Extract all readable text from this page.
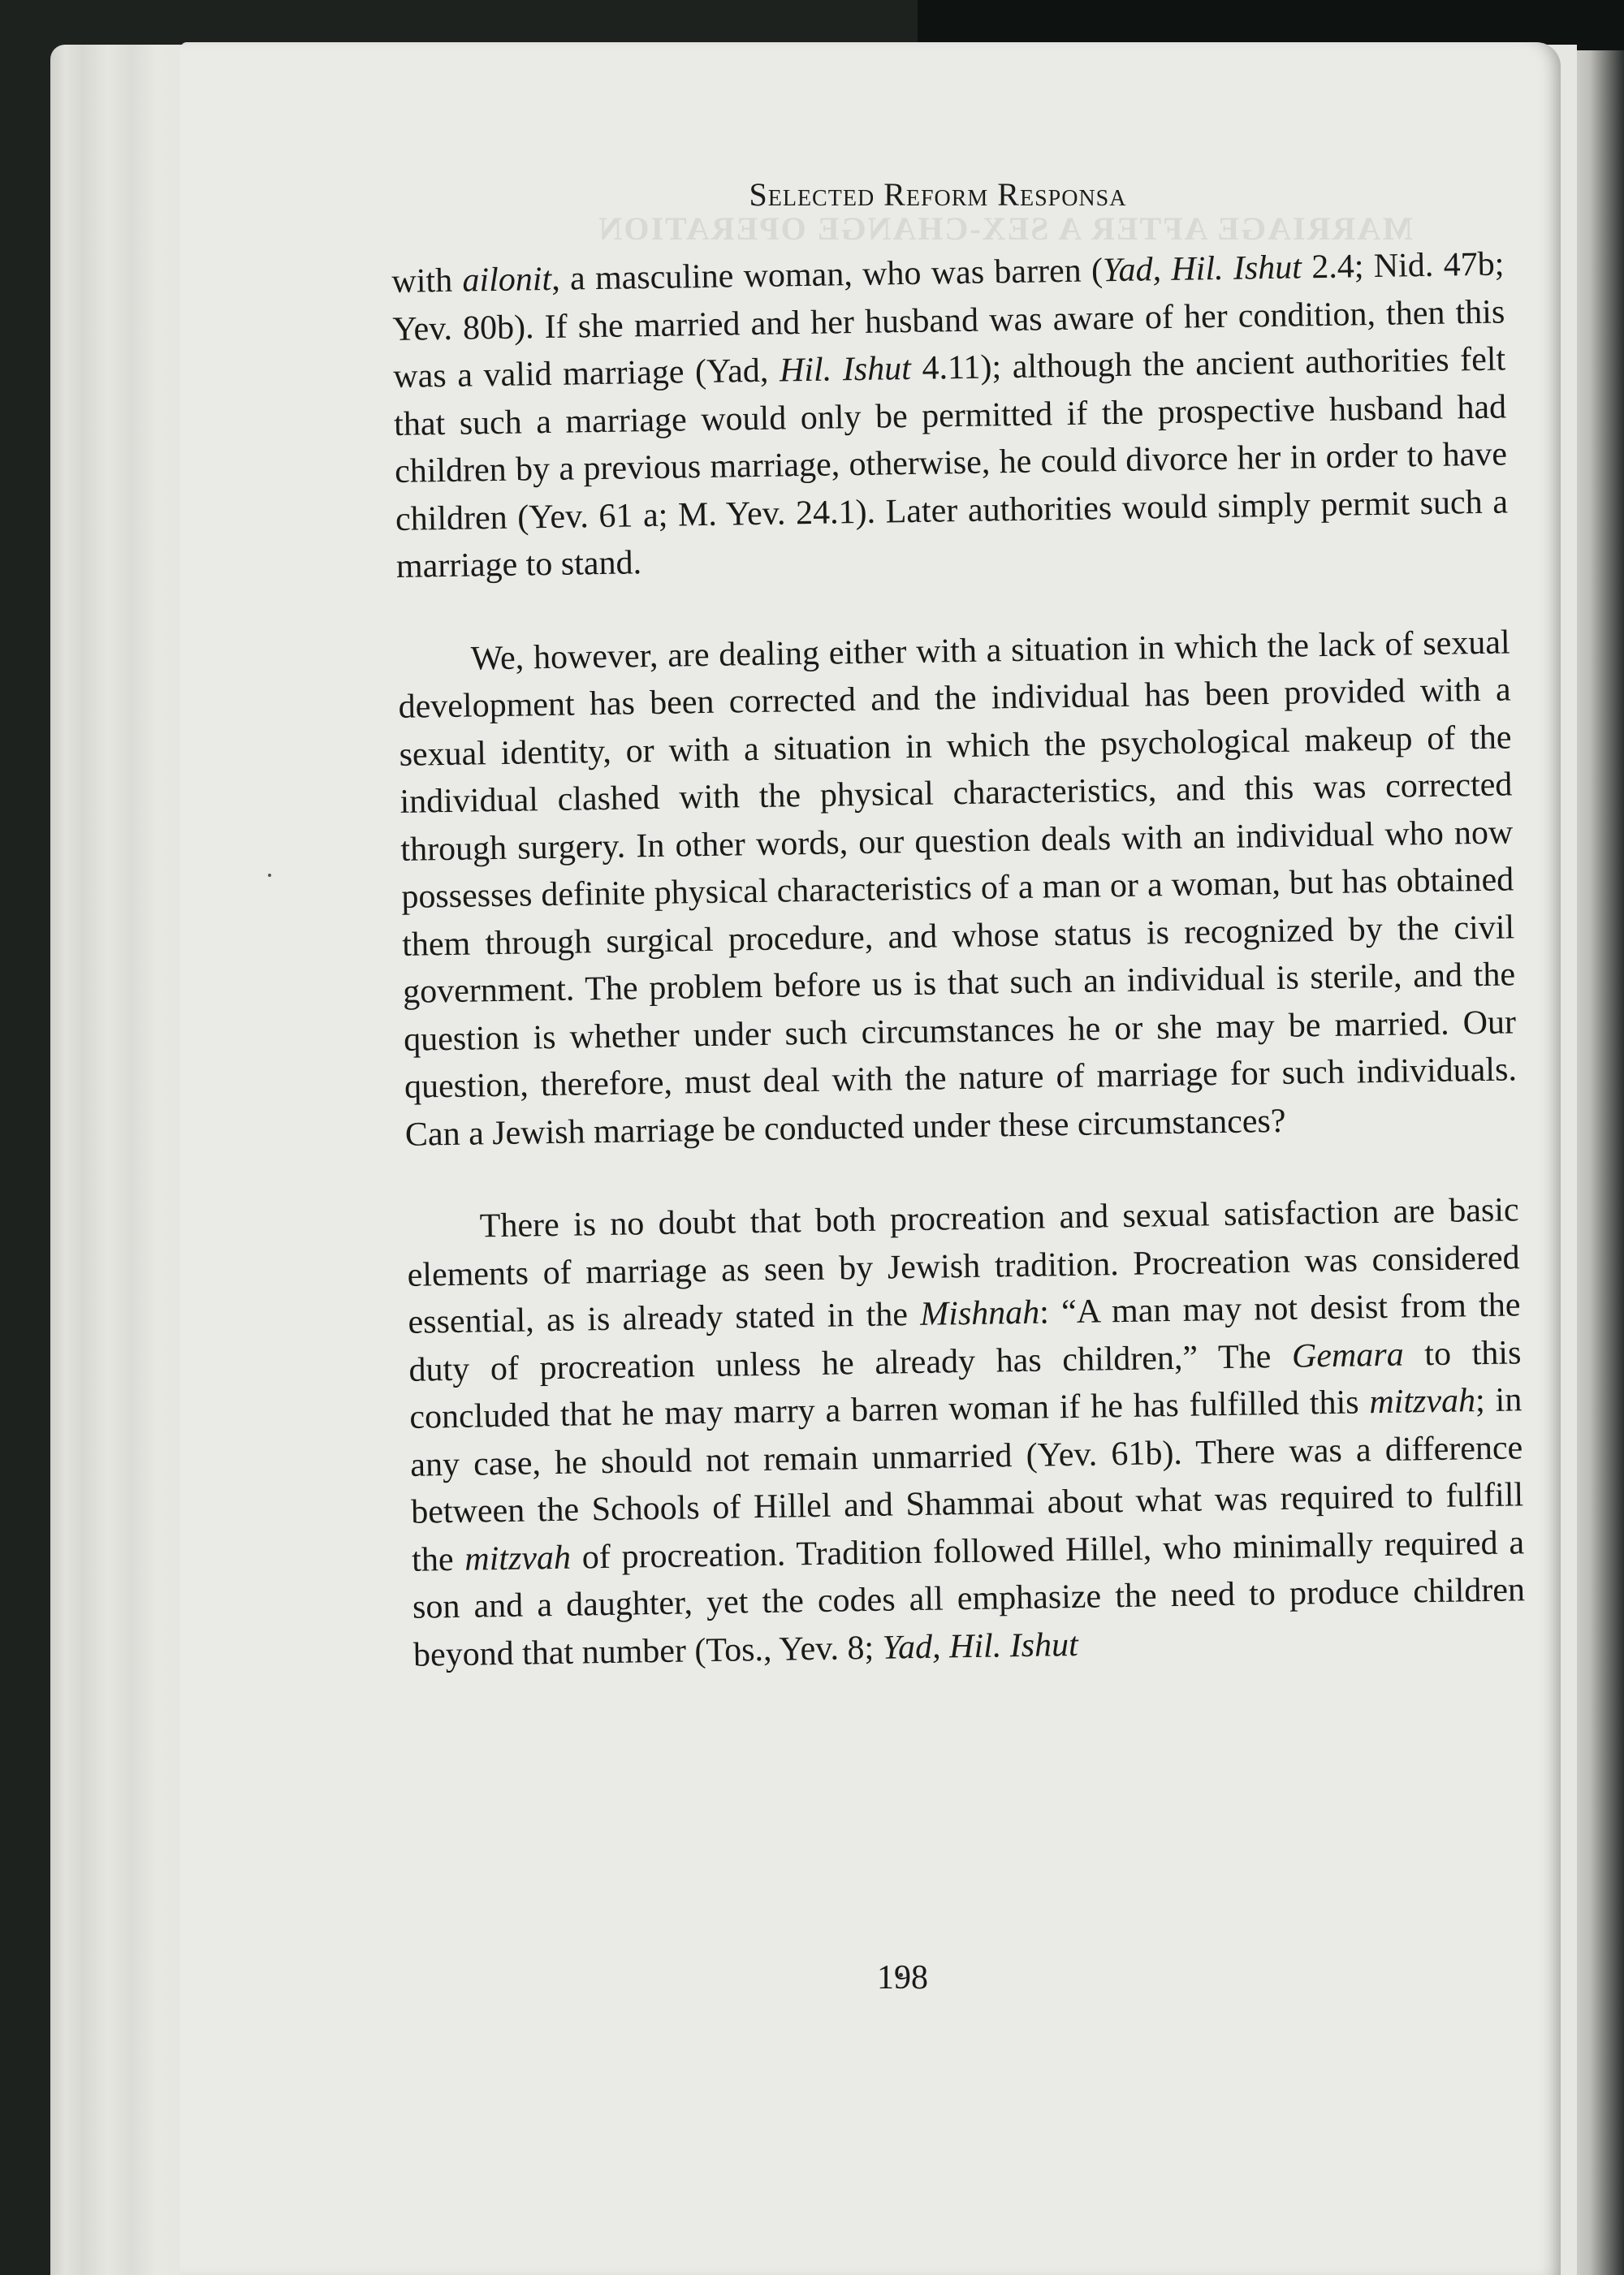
MARRIAGE AFTER A SEX-CHANGE OPERATION
Selected Reform Responsa

with ailonit, a masculine woman, who was barren (Yad, Hil. Ishut 2.4; Nid. 47b; Yev. 80b). If she married and her husband was aware of her condition, then this was a valid marriage (Yad, Hil. Ishut 4.11); although the ancient authorities felt that such a marriage would only be permitted if the prospective husband had children by a previous marriage, otherwise, he could divorce her in order to have children (Yev. 61 a; M. Yev. 24.1). Later authorities would simply permit such a marriage to stand.

We, however, are dealing either with a situation in which the lack of sexual development has been corrected and the individual has been provided with a sexual identity, or with a situation in which the psychological makeup of the individual clashed with the physical characteristics, and this was corrected through surgery. In other words, our question deals with an individual who now possesses definite physical characteristics of a man or a woman, but has obtained them through surgical procedure, and whose status is recognized by the civil government. The problem before us is that such an individual is sterile, and the question is whether under such circumstances he or she may be married. Our question, therefore, must deal with the nature of marriage for such individuals. Can a Jewish marriage be conducted under these circumstances?

There is no doubt that both procreation and sexual satisfaction are basic elements of marriage as seen by Jewish tradition. Procreation was considered essential, as is already stated in the Mishnah: “A man may not desist from the duty of procreation unless he already has children,” The Gemara to this concluded that he may marry a barren woman if he has fulfilled this mitzvah; in any case, he should not remain unmarried (Yev. 61b). There was a difference between the Schools of Hillel and Shammai about what was required to fulfill the mitzvah of procreation. Tradition followed Hillel, who minimally required a son and a daughter, yet the codes all emphasize the need to produce children beyond that number (Tos., Yev. 8; Yad, Hil. Ishut

198
